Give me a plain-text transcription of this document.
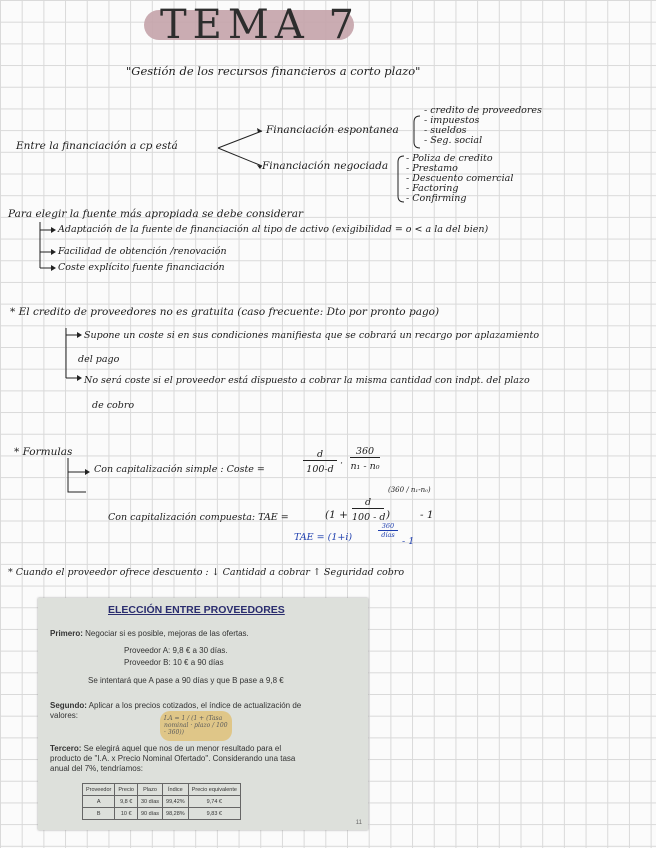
TEMA 7
"Gestión de los recursos financieros a corto plazo"
Entre la financiación a cp está
Financiación espontanea
- credito de proveedores
- impuestos
- sueldos
- Seg. social
Financiación negociada
- Poliza de credito
- Prestamo
- Descuento comercial
- Factoring
- Confirming
Para elegir la fuente más apropiada se debe considerar
Adaptación de la fuente de financiación al tipo de activo (exigibilidad = o < a la del bien)
Facilidad de obtención /renovación
Coste explícito fuente financiación
* El credito de proveedores no es gratuita (caso frecuente: Dto por pronto pago)
Supone un coste si en sus condiciones manifiesta que se cobrará un recargo por aplazamiento
del pago
No será coste si el proveedor está dispuesto a cobrar la misma cantidad con indpt. del plazo
de cobro
* Formulas
Con capitalización simple : Coste =
d
100-d
·
360
n₁ - n₀
Con capitalización compuesta: TAE =	(1 +
d
100 - d )
(360 / n₁-n₀)
- 1
TAE = (1+i)
360
días
- 1
* Cuando el proveedor ofrece descuento : ↓ Cantidad a cobrar ↑ Seguridad cobro
ELECCIÓN ENTRE PROVEEDORES
Primero: Negociar si es posible, mejoras de las ofertas.
Proveedor A: 9,8 € a 30 días.
Proveedor B: 10 € a 90 días
Se intentará que A pase a 90 días y que B pase a 9,8 €
Segundo: Aplicar a los precios cotizados, el índice de actualización de
valores:	I.A = 1 / (1 + (Tasa nominal · plazo / 100 · 360))
Tercero: Se elegirá aquel que nos de un menor resultado para el
producto de "I.A. x Precio Nominal Ofertado". Considerando una tasa
anual del 7%, tendríamos:
Proveedor	Precio	Plazo	Índice	Precio equivalente
A	9,8 €	30 días	99,42%	9,74 €
B	10 €	90 días	98,28%	9,83 €
11
